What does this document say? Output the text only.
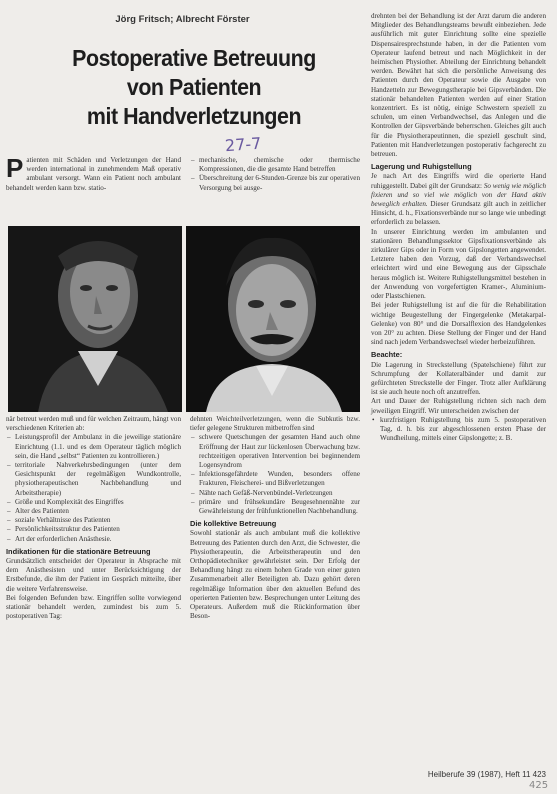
Jörg Fritsch; Albrecht Förster
Postoperative Betreuung
von Patienten
mit Handverletzungen
27-7
P atienten mit Schäden und Verletzungen der Hand werden international in zunehmendem Maß operativ ambulant versorgt. Wann ein Patient noch ambulant behandelt werden kann bzw. statio-
– mechanische, chemische oder thermische Kompressionen, die die gesamte Hand betreffen
– Überschreitung der 6-Stunden-Grenze bis zur operativen Versorgung bei ausge-

när betreut werden muß und für welchen Zeitraum, hängt von verschiedenen Kriterien ab:

– Leistungsprofil der Ambulanz in die jeweilige stationäre Einrichtung (1.1. und es dem Operateur täglich möglich sein, die Hand „selbst“ Patienten zu kontrollieren.)
– territoriale Nahverkehrsbedingungen (unter dem Gesichtspunkt der regelmäßigen Wundkontrolle, physiotherapeutischen Nachbehandlung und Arbeitstherapie)
– Größe und Komplexität des Eingriffes
– Alter des Patienten
– soziale Verhältnisse des Patienten
– Persönlichkeitsstruktur des Patienten
– Art der erforderlichen Anästhesie.
Indikationen für die stationäre Betreuung

Grundsätzlich entscheidet der Operateur in Absprache mit dem Anästhesisten und unter Berücksichtigung der Erstbefunde, die ihm der Patient im Gespräch mitteilte, über die weitere Verfahrensweise.

Bei folgenden Befunden bzw. Eingriffen sollte vorwiegend stationär behandelt werden, zumindest bis zum 5. postoperativen Tag:

dehnten Weichteilverletzungen, wenn die Subkutis bzw. tiefer gelegene Strukturen mitbetroffen sind

– schwere Quetschungen der gesamten Hand auch ohne Eröffnung der Haut zur lückenlosen Überwachung bzw. rechtzeitigen operativen Intervention bei beginnendem Logensyndrom
– Infektionsgefährdete Wunden, besonders offene Frakturen, Fleischerei- und Bißverletzungen
– Nähte nach Gefäß-Nervenbündel-Verletzungen
– primäre und frühsekundäre Beugesehnennähte zur Gewährleistung der frühfunktionellen Nachbehandlung.
Die kollektive Betreuung

Sowohl stationär als auch ambulant muß die kollektive Betreuung des Patienten durch den Arzt, die Schwester, die Physiotherapeutin, die Arbeitstherapeutin und den Orthopädietechniker gewährleistet sein. Der Erfolg der Behandlung hängt zu einem hohen Grade von einer guten Zusammenarbeit aller Beteiligten ab. Dazu gehört deren regelmäßige Information über den aktuellen Befund des operierten Patienten bzw. Besprechungen unter Leitung des Operateurs. Außerdem muß die Rückinformation über Beson-

drehnten bei der Behandlung ist der Arzt darum die anderen Mitglieder des Behandlungsteams bewußt einbeziehen. Jede ausführlich mit guter Einrichtung sollte eine spezielle Dispensairesprechstunde haben, in der die Patienten vom Operateur laufend betreut und nach Möglichkeit in der heimischen Physiother. Abteilung der Einrichtung behandelt werden. Bewährt hat sich die persönliche Anweisung des Patienten durch den Operateur sowie die Ausgabe von Handzetteln zur Bewegungstherapie bei Gipsverbänden. Die stationär behandelten Patienten werden auf einer Station konzentriert. Es ist nötig, einige Schwestern speziell zu schulen, um einen Verbandwechsel, das Anlegen und die Kontrollen der Gipsverbände beherrschen. Gleiches gilt auch für die Physiotherapeutinnen, die speziell geschult sind, Patienten mit Handverletzungen postoperativ fachgerecht zu betreuen.

Lagerung und Ruhigstellung

Je nach Art des Eingriffs wird die operierte Hand ruhiggestellt. Dabei gilt der Grundsatz: So wenig wie möglich fixieren und so viel wie möglich von der Hand aktiv beweglich erhalten. Dieser Grundsatz gilt auch in zeitlicher Hinsicht, d. h., Fixationsverbände nur so lange wie unbedingt erforderlich zu belassen.

In unserer Einrichtung werden im ambulanten und stationären Behandlungssektor Gipsfixationsverbände als zirkulärer Gips oder in Form von Gipslongetten angewendet. Letztere haben den Vorzug, daß der Verbandswechsel erleichtert wird und eine Bewegung aus der Gipsschale heraus möglich ist. Weitere Ruhigstellungsmittel bestehen in der Anwendung von vorgefertigten Kramer-, Aluminium- oder Plastschienen.

Bei jeder Ruhigstellung ist auf die für die Rehabilitation wichtige Beugestellung der Fingergelenke (Metakarpal-Gelenke) von 80° und die Dorsalflexion des Handgelenkes von 20° zu achten. Diese Stellung der Finger und der Hand sind nach jedem Verbandswechsel wieder herbeizuführen.

Beachte:

Die Lagerung in Streckstellung (Spatelschiene) führt zur Schrumpfung der Kollateralbänder und damit zur gefürchteten Streckstelle der Finger. Trotz aller Aufklärung ist sie auch heute noch oft anzutreffen.

Art und Dauer der Ruhigstellung richten sich nach dem jeweiligen Eingriff. Wir unterscheiden zwischen der

• kurzfristigen Ruhigstellung bis zum 5. postoperativen Tag, d. h. bis zur abgeschlossenen ersten Phase der Wundheilung, mittels einer Gipslongette; z. B.
Heilberufe 39 (1987), Heft 11 423
425
